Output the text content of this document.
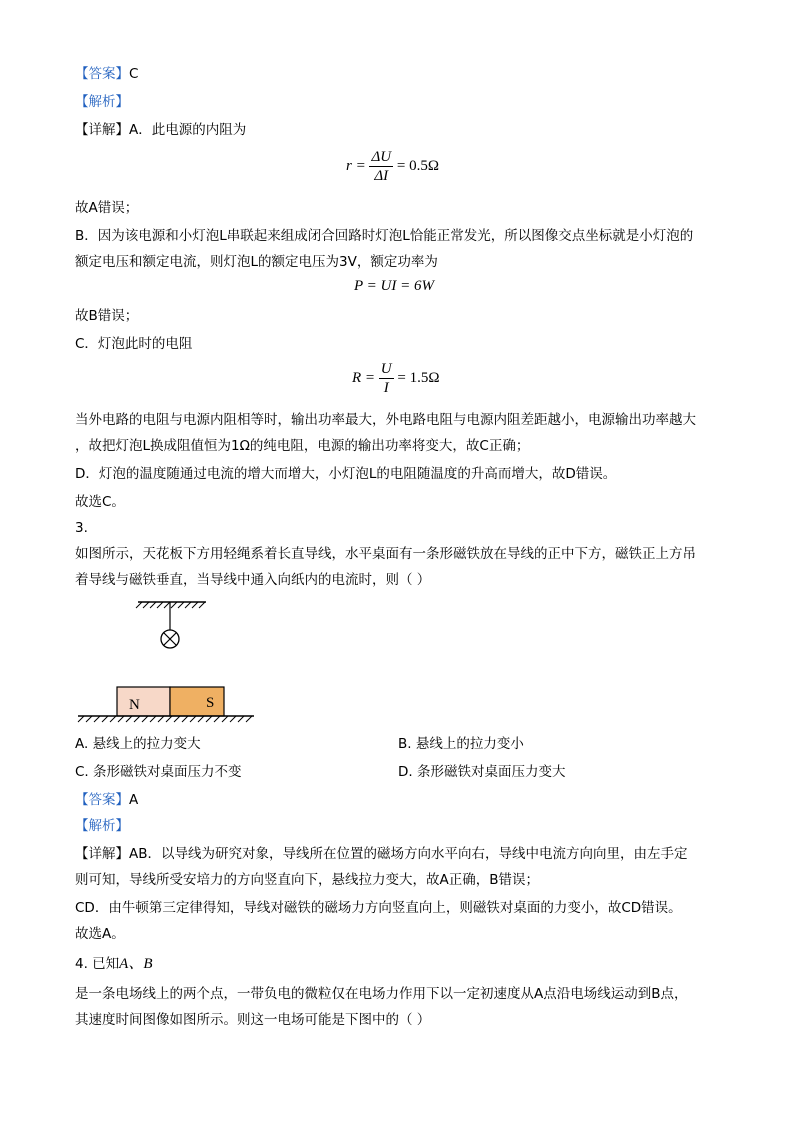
【答案】C
【解析】
【详解】A．此电源的内阻为
$r = \frac{\Delta U}{\Delta I} = 0.5\Omega$
故A错误；
B．因为该电源和小灯泡L串联起来组成闭合回路时灯泡L恰能正常发光，所以图像交点坐标就是小灯泡的
额定电压和额定电流，则灯泡L的额定电压为3V，额定功率为
P = UI = 6W
故B错误；
C．灯泡此时的电阻
$R = \frac{U}{I} = 1.5\Omega$
当外电路的电阻与电源内阻相等时，输出功率最大，外电路电阻与电源内阻差距越小，电源输出功率越大
，故把灯泡L换成阻值恒为1Ω的纯电阻，电源的输出功率将变大，故C正确；
D．灯泡的温度随通过电流的增大而增大，小灯泡L的电阻随温度的升高而增大，故D错误。
故选C。
3.
如图所示，天花板下方用轻绳系着长直导线，水平桌面有一条形磁铁放在导线的正中下方，磁铁正上方吊
着导线与磁铁垂直，当导线中通入向纸内的电流时，则（ ）
N	S
A. 悬线上的拉力变大	B. 悬线上的拉力变小
C. 条形磁铁对桌面压力不变	D. 条形磁铁对桌面压力变大
【答案】A
【解析】
【详解】AB．以导线为研究对象，导线所在位置的磁场方向水平向右，导线中电流方向向里，由左手定
则可知，导线所受安培力的方向竖直向下，悬线拉力变大，故A正确，B错误；
CD．由牛顿第三定律得知，导线对磁铁的磁场力方向竖直向上，则磁铁对桌面的力变小，故CD错误。
故选A。
4. 已知A、B
是一条电场线上的两个点，一带负电的微粒仅在电场力作用下以一定初速度从A点沿电场线运动到B点，
其速度时间图像如图所示。则这一电场可能是下图中的（ ）
